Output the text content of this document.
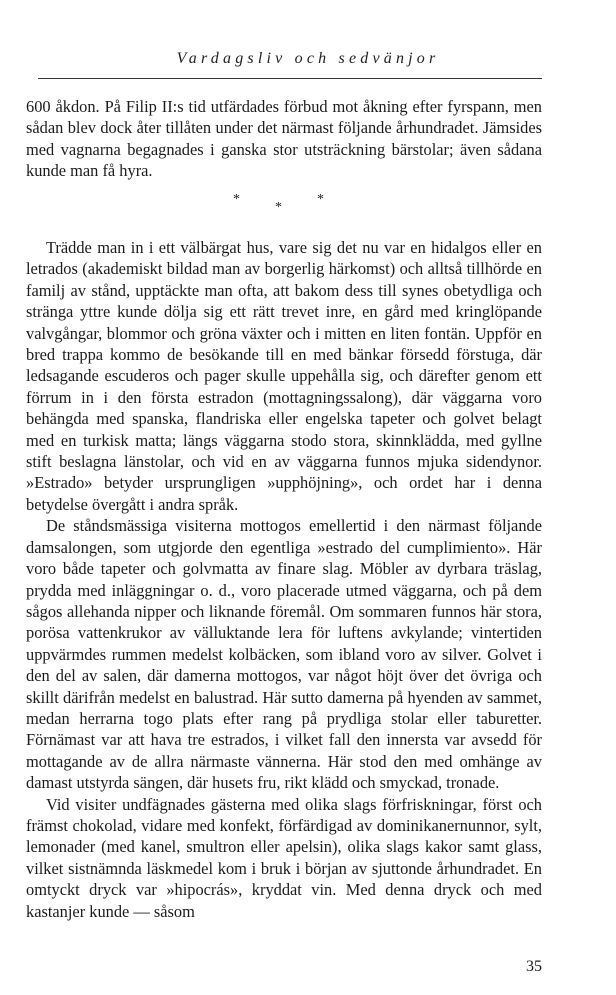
Vardagsliv och sedvänjor

600 åkdon. På Filip II:s tid utfärdades förbud mot åkning efter fyrspann, men sådan blev dock åter tillåten under det närmast följande århundradet. Jämsides med vagnarna begagnades i ganska stor utsträckning bärstolar; även sådana kunde man få hyra.

*
*
*

Trädde man in i ett välbärgat hus, vare sig det nu var en hidalgos eller en letrados (akademiskt bildad man av borgerlig härkomst) och alltså tillhörde en familj av stånd, upptäckte man ofta, att bakom dess till synes obetydliga och stränga yttre kunde dölja sig ett rätt trevet inre, en gård med kringlöpande valvgångar, blommor och gröna växter och i mitten en liten fontän. Uppför en bred trappa kommo de besökande till en med bänkar försedd förstuga, där ledsagande escuderos och pager skulle uppehålla sig, och därefter genom ett förrum in i den första estradon (mottagningssalong), där väggarna voro behängda med spanska, flandriska eller engelska tapeter och golvet belagt med en turkisk matta; längs väggarna stodo stora, skinnklädda, med gyllne stift beslagna länstolar, och vid en av väggarna funnos mjuka sidendynor. »Estrado» betyder ursprungligen »upphöjning», och ordet har i denna betydelse övergått i andra språk.

De ståndsmässiga visiterna mottogos emellertid i den närmast följande damsalongen, som utgjorde den egentliga »estrado del cumplimiento». Här voro både tapeter och golvmatta av finare slag. Möbler av dyrbara träslag, prydda med inläggningar o. d., voro placerade utmed väggarna, och på dem sågos allehanda nipper och liknande föremål. Om sommaren funnos här stora, porösa vattenkrukor av välluktande lera för luftens avkylande; vintertiden uppvärmdes rummen medelst kolbäcken, som ibland voro av silver. Golvet i den del av salen, där damerna mottogos, var något höjt över det övriga och skillt därifrån medelst en balustrad. Här sutto damerna på hyenden av sammet, medan herrarna togo plats efter rang på prydliga stolar eller taburetter. Förnämast var att hava tre estrados, i vilket fall den innersta var avsedd för mottagande av de allra närmaste vännerna. Här stod den med omhänge av damast utstyrda sängen, där husets fru, rikt klädd och smyckad, tronade.

Vid visiter undfägnades gästerna med olika slags förfriskningar, först och främst chokolad, vidare med konfekt, förfärdigad av dominikanernunnor, sylt, lemonader (med kanel, smultron eller apelsin), olika slags kakor samt glass, vilket sistnämnda läskmedel kom i bruk i början av sjuttonde århundradet. En omtyckt dryck var »hipocrás», kryddat vin. Med denna dryck och med kastanjer kunde — såsom

35
